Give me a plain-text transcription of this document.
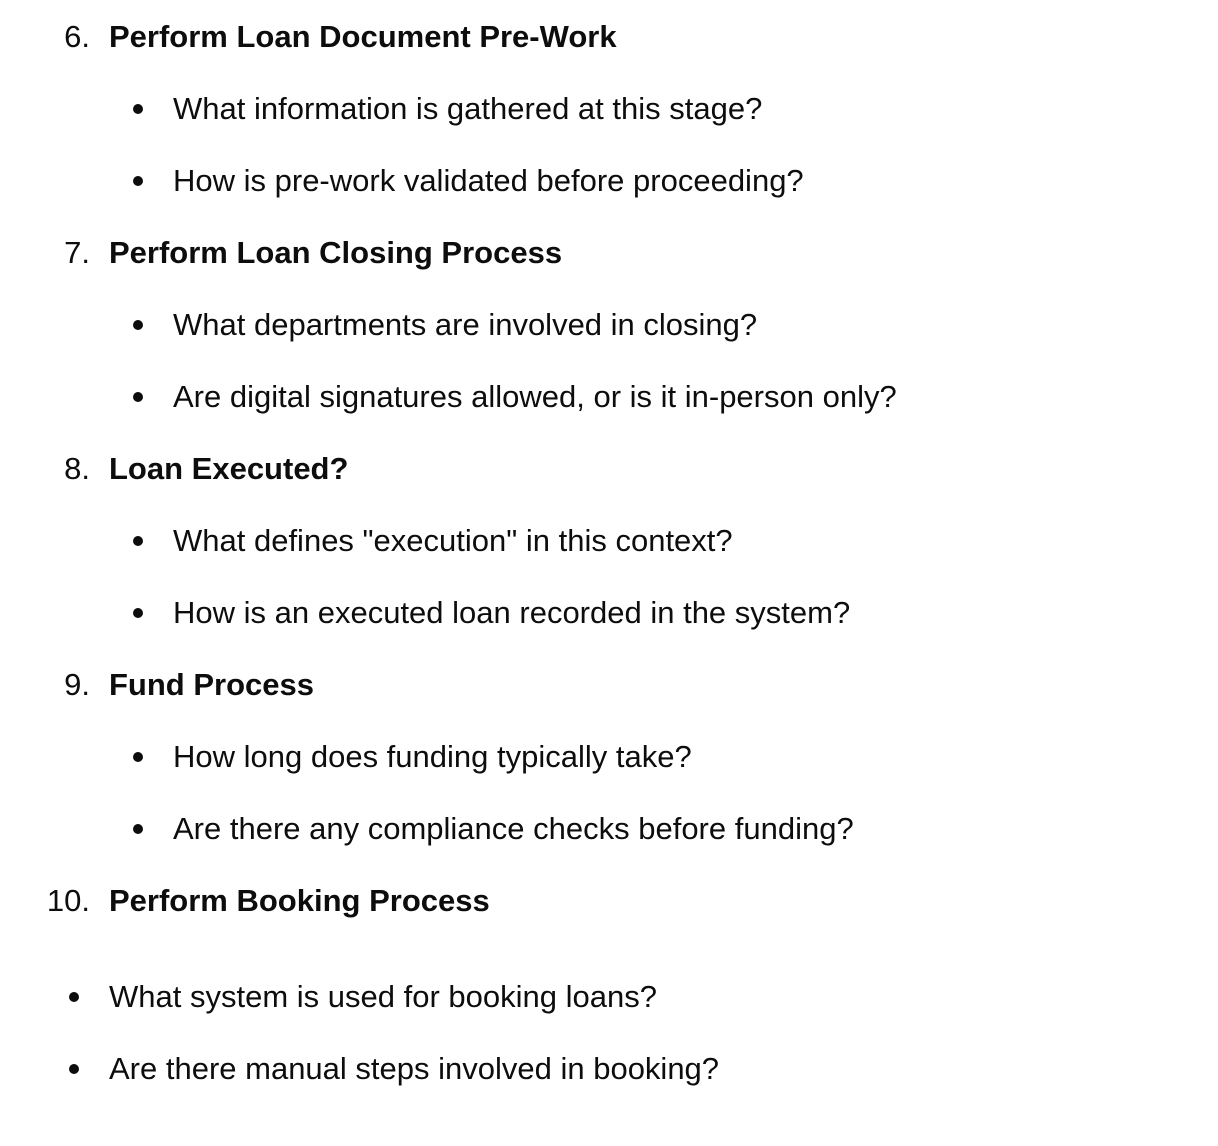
6. Perform Loan Document Pre-Work
What information is gathered at this stage?
How is pre-work validated before proceeding?
7. Perform Loan Closing Process
What departments are involved in closing?
Are digital signatures allowed, or is it in-person only?
8. Loan Executed?
What defines "execution" in this context?
How is an executed loan recorded in the system?
9. Fund Process
How long does funding typically take?
Are there any compliance checks before funding?
10. Perform Booking Process
What system is used for booking loans?
Are there manual steps involved in booking?
